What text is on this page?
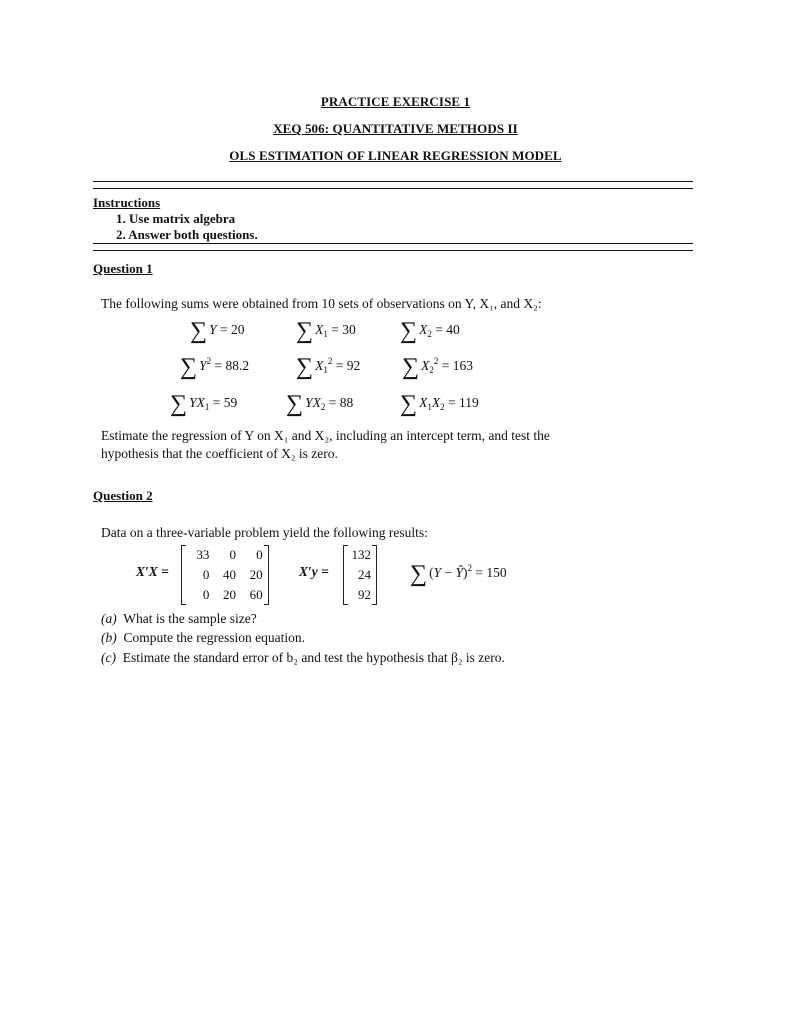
PRACTICE EXERCISE 1
XEQ 506: QUANTITATIVE METHODS II
OLS ESTIMATION OF LINEAR REGRESSION MODEL
Instructions
1. Use matrix algebra
2. Answer both questions.
Question 1
The following sums were obtained from 10 sets of observations on Y, X₁, and X₂:
∑ Y = 20 ∑ $X_1 = 30$ ∑ $X_2 = 40$
∑ $Y^2 = 88.2$ ∑ $X_1^2 = 92$ ∑ $X_2^2 = 163$
∑ $YX_1 = 59$ ∑ $YX_2 = 88$ ∑ $X_1X_2 = 119$
Estimate the regression of Y on X₁ and X₂, including an intercept term, and test the
hypothesis that the coefficient of X₂ is zero.
Question 2
Data on a three-variable problem yield the following results:
X′X =
33	0	0
0	40	20
0	20	60
X′y =
132
24
92
∑ (Y − Ŷ)$^2$ = 150
(a) What is the sample size?
(b) Compute the regression equation.
(c) Estimate the standard error of b₂ and test the hypothesis that β₂ is zero.
